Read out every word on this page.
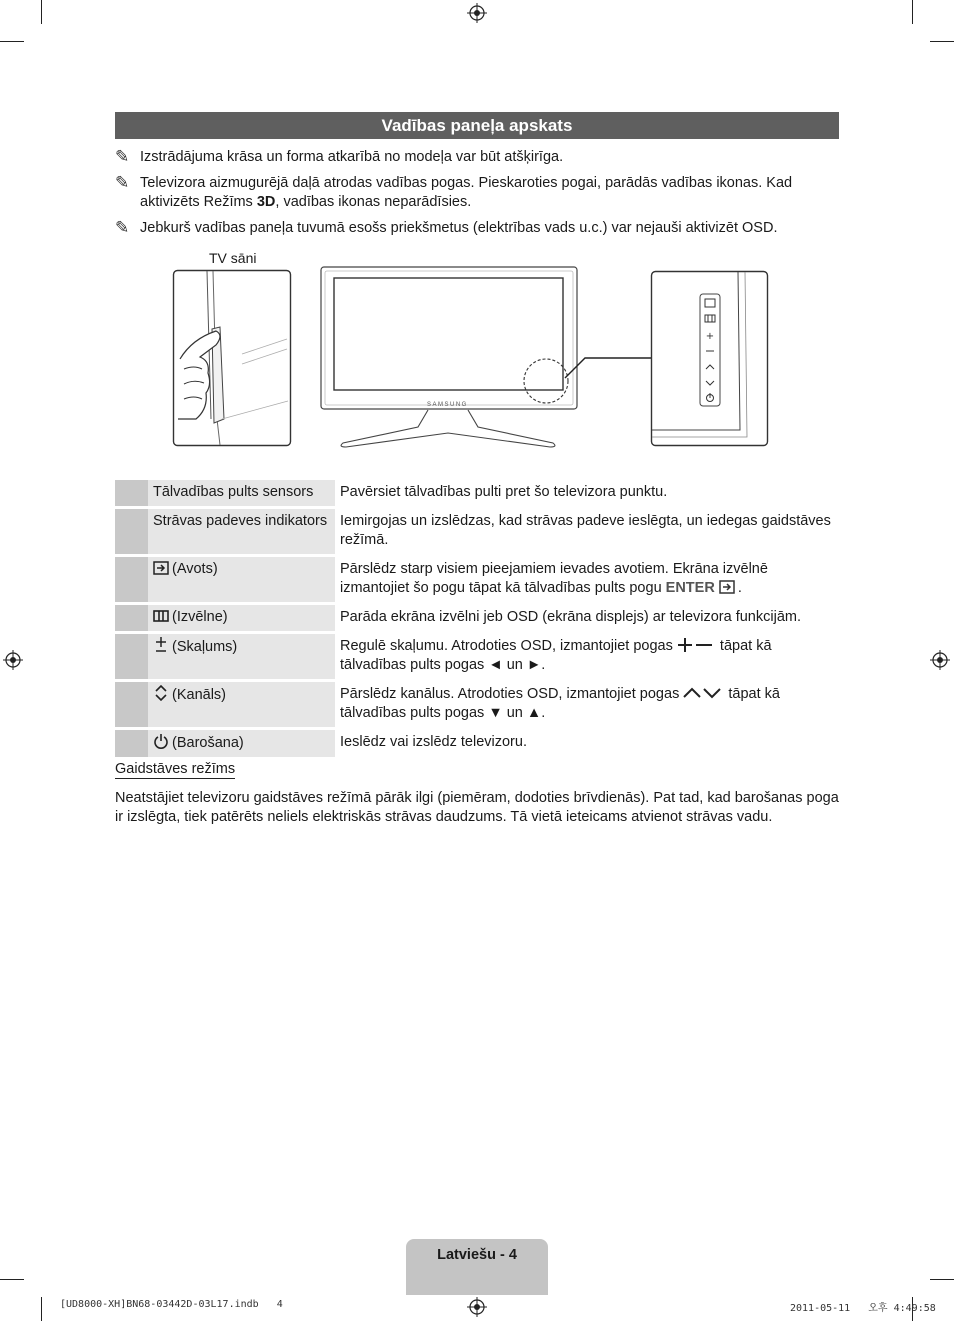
Vadības paneļa apskats
✎ Izstrādājuma krāsa un forma atkarībā no modeļa var būt atšķirīga.
✎ Televizora aizmugurējā daļā atrodas vadības pogas. Pieskaroties pogai, parādās vadības ikonas. Kad aktivizēts Režīms 3D, vadības ikonas neparādīsies.
✎ Jebkurš vadības paneļa tuvumā esošs priekšmetus (elektrības vads u.c.) var nejauši aktivizēt OSD.
TV sāni
SAMSUNG
+
	Tālvadības pults sensors	Pavērsiet tālvadības pulti pret šo televizora punktu.
	Strāvas padeves indikators	Iemirgojas un izslēdzas, kad strāvas padeve ieslēgta, un iedegas gaidstāves režīmā.
	(Avots)	Pārslēdz starp visiem pieejamiem ievades avotiem. Ekrāna izvēlnē izmantojiet šo pogu tāpat kā tālvadības pults pogu ENTER .
	(Izvēlne)	Parāda ekrāna izvēlni jeb OSD (ekrāna displejs) ar televizora funkcijām.
	(Skaļums)	Regulē skaļumu. Atrodoties OSD, izmantojiet pogas tāpat kā tālvadības pults pogas ◄ un ►.
	(Kanāls)	Pārslēdz kanālus. Atrodoties OSD, izmantojiet pogas tāpat kā tālvadības pults pogas ▼ un ▲.
	(Barošana)	Ieslēdz vai izslēdz televizoru.
Gaidstāves režīms
Neatstājiet televizoru gaidstāves režīmā pārāk ilgi (piemēram, dodoties brīvdienās). Pat tad, kad barošanas poga ir izslēgta, tiek patērēts neliels elektriskās strāvas daudzums. Tā vietā ieteicams atvienot strāvas vadu.
Latviešu - 4
[UD8000-XH]BN68-03442D-03L17.indb   4	2011-05-11   오후 4:49:58
